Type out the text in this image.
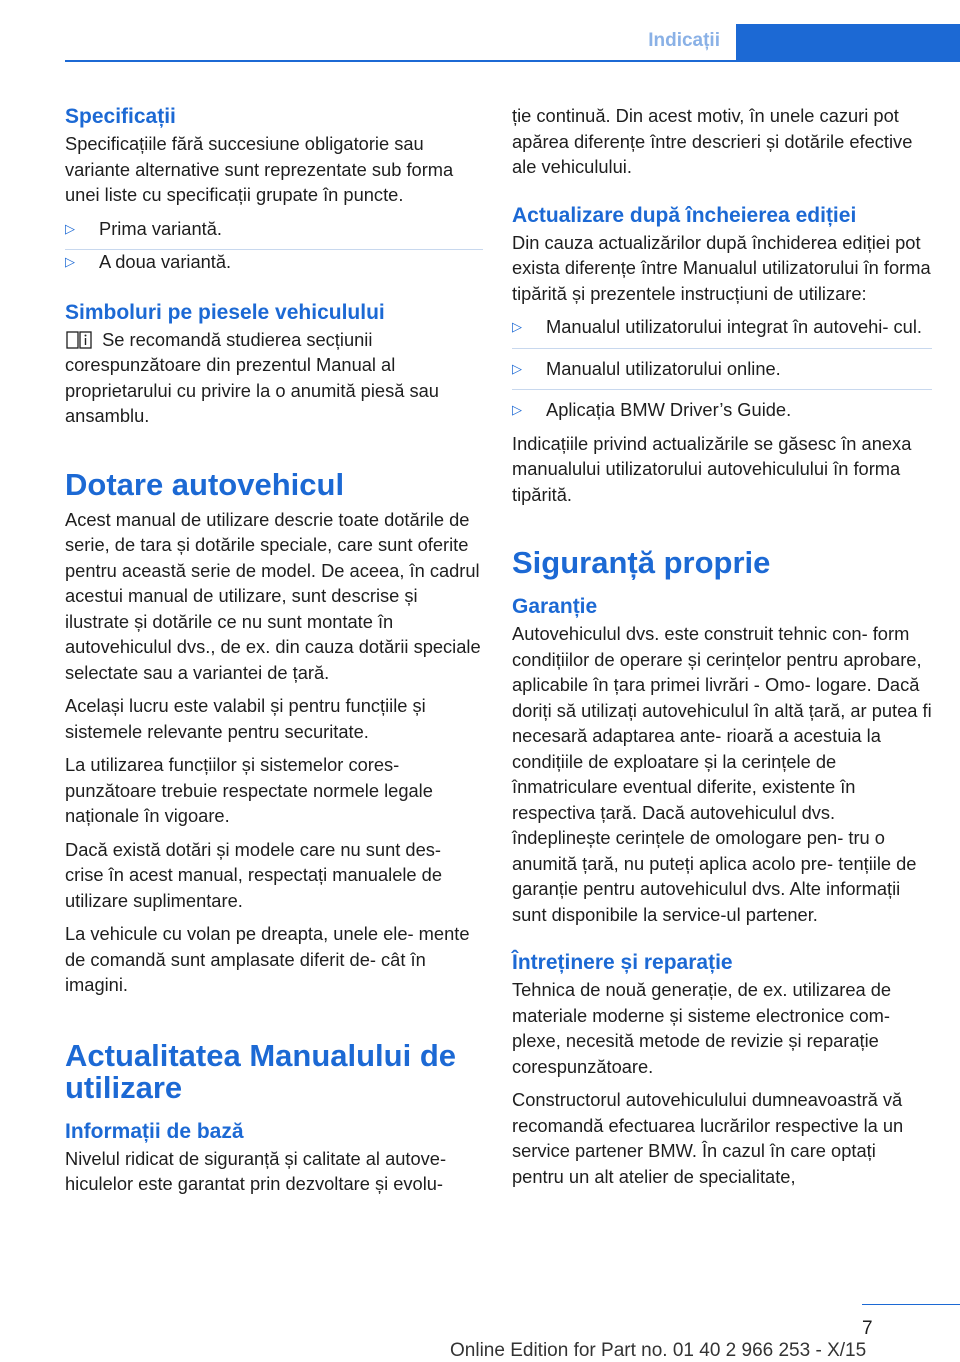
Indicații
Specificații

Specificațiile fără succesiune obligatorie sau variante alternative sunt reprezentate sub forma unei liste cu specificații grupate în puncte.

▷ Prima variantă.
▷ A doua variantă.
Simboluri pe piesele vehiculului

Se recomandă studierea secțiunii corespunzătoare din prezentul Manual al proprietarului cu privire la o anumită piesă sau ansamblu.

Dotare autovehicul

Acest manual de utilizare descrie toate dotările de serie, de tara și dotările speciale, care sunt oferite pentru această serie de model. De aceea, în cadrul acestui manual de utilizare, sunt descrise și ilustrate și dotările ce nu sunt montate în autovehiculul dvs., de ex. din cauza dotării speciale selectate sau a variantei de țară.

Același lucru este valabil și pentru funcțiile și sistemele relevante pentru securitate.

La utilizarea funcțiilor și sistemelor cores- punzătoare trebuie respectate normele legale naționale în vigoare.

Dacă există dotări și modele care nu sunt des- crise în acest manual, respectați manualele de utilizare suplimentare.

La vehicule cu volan pe dreapta, unele ele- mente de comandă sunt amplasate diferit de- cât în imagini.

Actualitatea Manualului de utilizare
Informații de bază

Nivelul ridicat de siguranță și calitate al autove- hiculelor este garantat prin dezvoltare și evolu-

ție continuă. Din acest motiv, în unele cazuri pot apărea diferențe între descrieri și dotările efective ale vehiculului.

Actualizare după încheierea ediției

Din cauza actualizărilor după închiderea ediției pot exista diferențe între Manualul utilizatorului în forma tipărită și prezentele instrucțiuni de utilizare:

▷ Manualul utilizatorului integrat în autovehi- cul.
▷ Manualul utilizatorului online.
▷ Aplicația BMW Driver’s Guide.

Indicațiile privind actualizările se găsesc în anexa manualului utilizatorului autovehiculului în forma tipărită.

Siguranță proprie
Garanție

Autovehiculul dvs. este construit tehnic con- form condițiilor de operare și cerințelor pentru aprobare, aplicabile în țara primei livrări - Omo- logare. Dacă doriți să utilizați autovehiculul în altă țară, ar putea fi necesară adaptarea ante- rioară a acestuia la condițiile de exploatare și la cerințele de înmatriculare eventual diferite, existente în respectiva țară. Dacă autovehiculul dvs. îndeplinește cerințele de omologare pen- tru o anumită țară, nu puteți aplica acolo pre- tențiile de garanție pentru autovehiculul dvs. Alte informații sunt disponibile la service-ul partener.

Întreținere și reparație

Tehnica de nouă generație, de ex. utilizarea de materiale moderne și sisteme electronice com- plexe, necesită metode de revizie și reparație corespunzătoare.

Constructorul autovehiculului dumneavoastră vă recomandă efectuarea lucrărilor respective la un service partener BMW. În cazul în care optați pentru un alt atelier de specialitate,

7
Online Edition for Part no. 01 40 2 966 253 - X/15
